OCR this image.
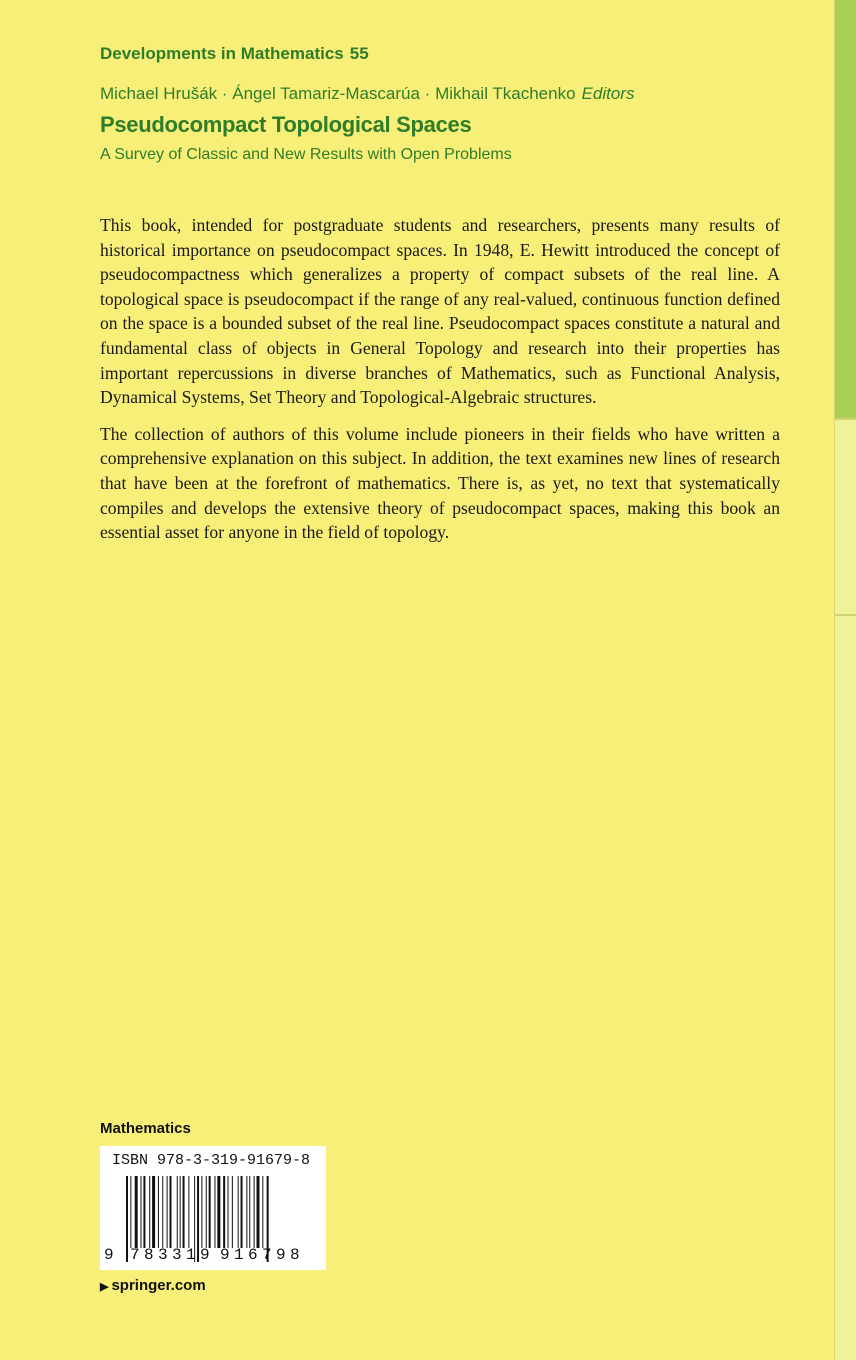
Developments in Mathematics 55
Michael Hrušák · Ángel Tamariz-Mascarúa · Mikhail Tkachenko Editors
Pseudocompact Topological Spaces
A Survey of Classic and New Results with Open Problems

This book, intended for postgraduate students and researchers, presents many results of historical importance on pseudocompact spaces. In 1948, E. Hewitt introduced the concept of pseudocompactness which generalizes a property of compact subsets of the real line. A topological space is pseudocompact if the range of any real-valued, continuous function defined on the space is a bounded subset of the real line. Pseudocompact spaces constitute a natural and fundamental class of objects in General Topology and research into their properties has important repercussions in diverse branches of Mathematics, such as Functional Analysis, Dynamical Systems, Set Theory and Topological-Algebraic structures.

The collection of authors of this volume include pioneers in their fields who have written a comprehensive explanation on this subject. In addition, the text examines new lines of research that have been at the forefront of mathematics. There is, as yet, no text that systematically compiles and develops the extensive theory of pseudocompact spaces, making this book an essential asset for anyone in the field of topology.

Mathematics
ISBN 978-3-319-91679-8
9 7 8 3 3 1 9 9 1 6 7 9 8
▶ springer.com
